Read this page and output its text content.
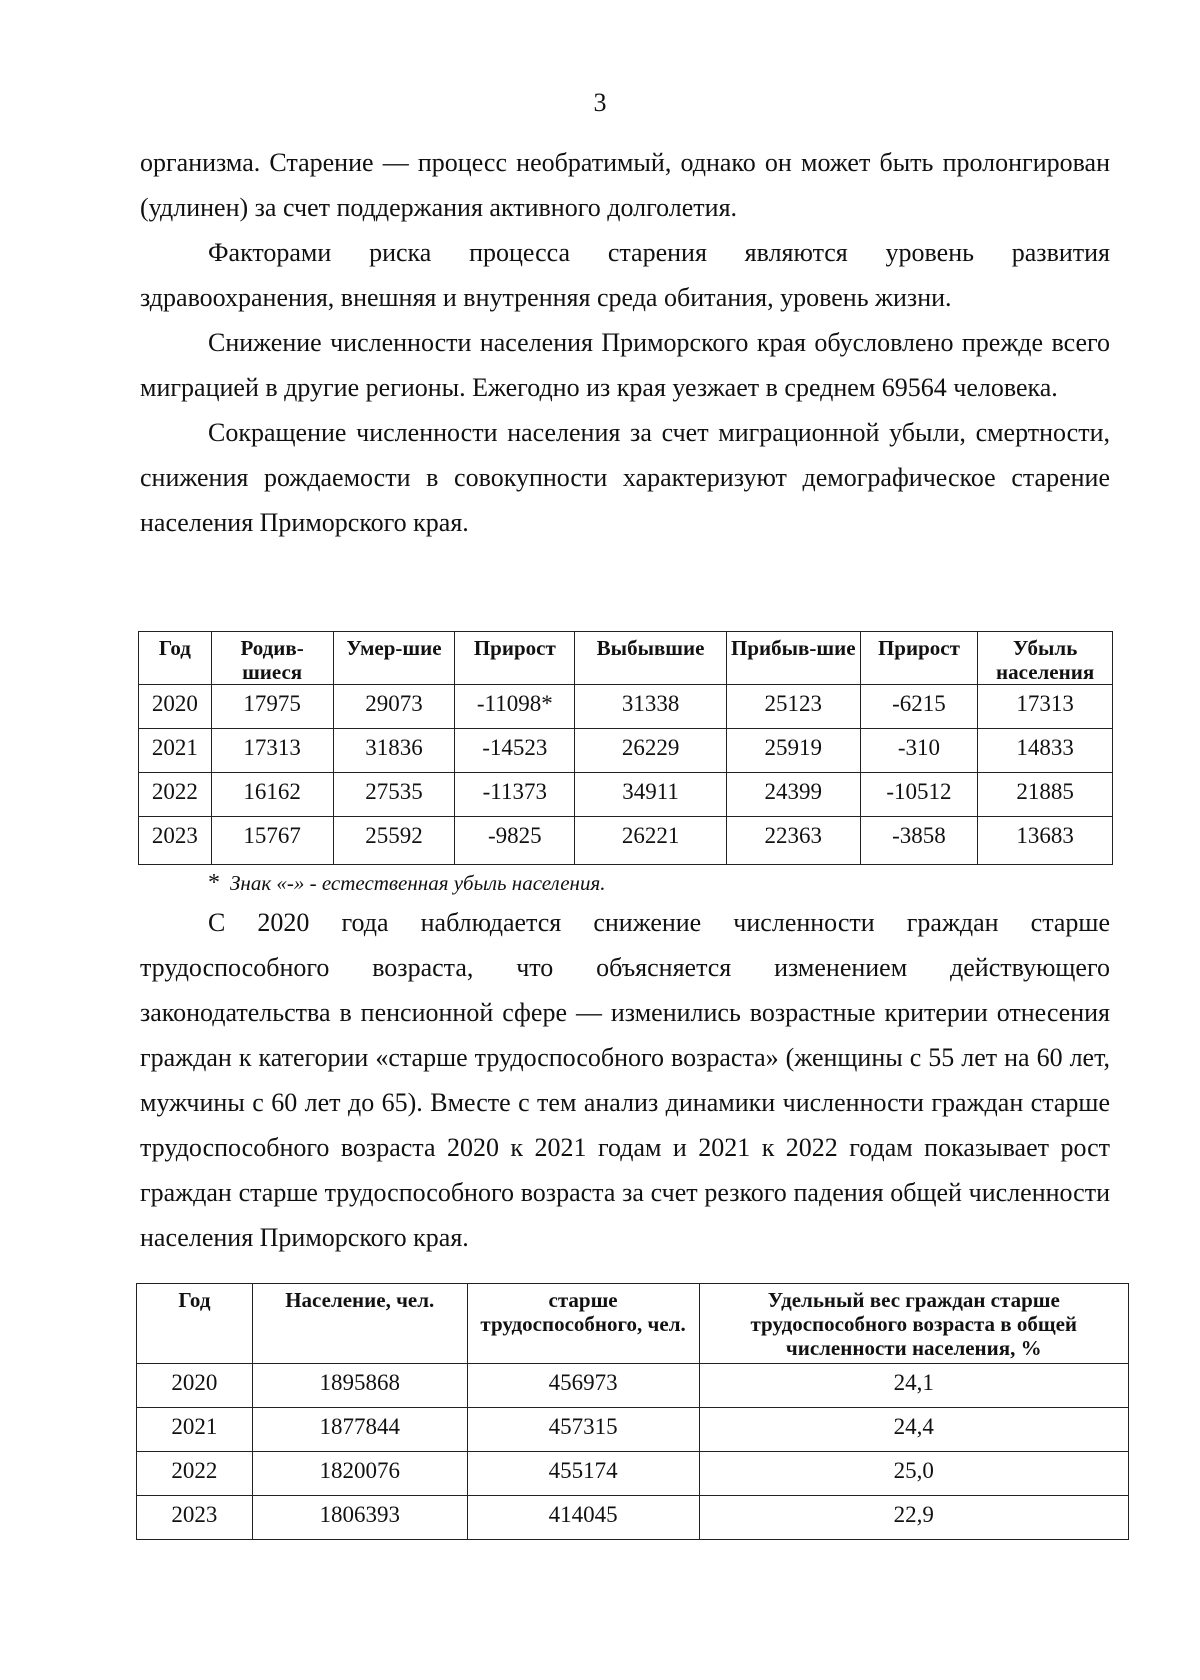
3

организма. Старение — процесс необратимый, однако он может быть пролонгирован (удлинен) за счет поддержания активного долголетия.

Факторами риска процесса старения являются уровень развития здравоохранения, внешняя и внутренняя среда обитания, уровень жизни.

Снижение численности населения Приморского края обусловлено прежде всего миграцией в другие регионы. Ежегодно из края уезжает в среднем 69564 человека.

Сокращение численности населения за счет миграционной убыли, смертности, снижения рождаемости в совокупности характеризуют демографическое старение населения Приморского края.

Год	Родив-шиеся	Умер-шие	Прирост	Выбывшие	Прибыв-шие	Прирост	Убыль населения
2020	17975	29073	-11098*	31338	25123	-6215	17313
2021	17313	31836	-14523	26229	25919	-310	14833
2022	16162	27535	-11373	34911	24399	-10512	21885
2023	15767	25592	-9825	26221	22363	-3858	13683
* Знак «-» - естественная убыль населения.

С 2020 года наблюдается снижение численности граждан старше трудоспособного возраста, что объясняется изменением действующего законодательства в пенсионной сфере — изменились возрастные критерии отнесения граждан к категории «старше трудоспособного возраста» (женщины с 55 лет на 60 лет, мужчины с 60 лет до 65). Вместе с тем анализ динамики численности граждан старше трудоспособного возраста 2020 к 2021 годам и 2021 к 2022 годам показывает рост граждан старше трудоспособного возраста за счет резкого падения общей численности населения Приморского края.

Год	Население, чел.	старше трудоспособного, чел.	Удельный вес граждан старше трудоспособного возраста в общей численности населения, %
2020	1895868	456973	24,1
2021	1877844	457315	24,4
2022	1820076	455174	25,0
2023	1806393	414045	22,9
